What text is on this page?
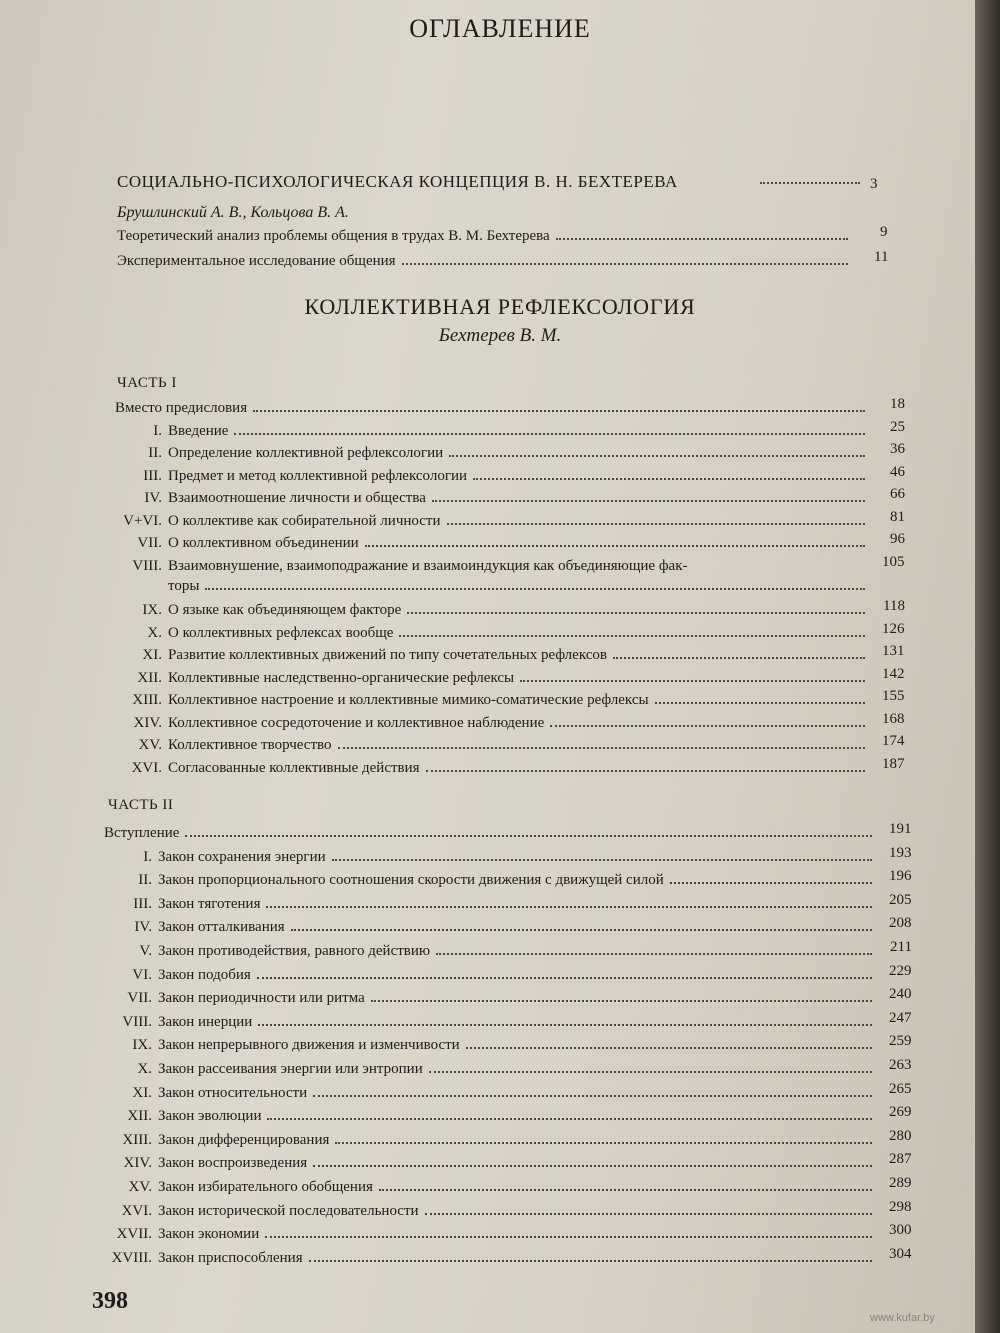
ОГЛАВЛЕНИЕ
СОЦИАЛЬНО-ПСИХОЛОГИЧЕСКАЯ КОНЦЕПЦИЯ В. Н. БЕХТЕРЕВА	3
Брушлинский А. В., Кольцова В. А.
Теоретический анализ проблемы общения в трудах В. М. Бехтерева	9
Экспериментальное исследование общения	11
КОЛЛЕКТИВНАЯ РЕФЛЕКСОЛОГИЯ
Бехтерев В. М.
ЧАСТЬ I
Вместо предисловия	18
I. Введение	25
II. Определение коллективной рефлексологии	36
III. Предмет и метод коллективной рефлексологии	46
IV. Взаимоотношение личности и общества	66
V+VI. О коллективе как собирательной личности	81
VII. О коллективном объединении	96
VIII. Взаимовнушение, взаимоподражание и взаимоиндукция как объединяющие фак-	105
торы
IX. О языке как объединяющем факторе	118
X. О коллективных рефлексах вообще	126
XI. Развитие коллективных движений по типу сочетательных рефлексов	131
XII. Коллективные наследственно-органические рефлексы	142
XIII. Коллективное настроение и коллективные мимико-соматические рефлексы	155
XIV. Коллективное сосредоточение и коллективное наблюдение	168
XV. Коллективное творчество	174
XVI. Согласованные коллективные действия	187
ЧАСТЬ II
Вступление	191
I. Закон сохранения энергии	193
II. Закон пропорционального соотношения скорости движения с движущей силой	196
III. Закон тяготения	205
IV. Закон отталкивания	208
V. Закон противодействия, равного действию	211
VI. Закон подобия	229
VII. Закон периодичности или ритма	240
VIII. Закон инерции	247
IX. Закон непрерывного движения и изменчивости	259
X. Закон рассеивания энергии или энтропии	263
XI. Закон относительности	265
XII. Закон эволюции	269
XIII. Закон дифференцирования	280
XIV. Закон воспроизведения	287
XV. Закон избирательного обобщения	289
XVI. Закон исторической последовательности	298
XVII. Закон экономии	300
XVIII. Закон приспособления	304
398
www.kufar.by
